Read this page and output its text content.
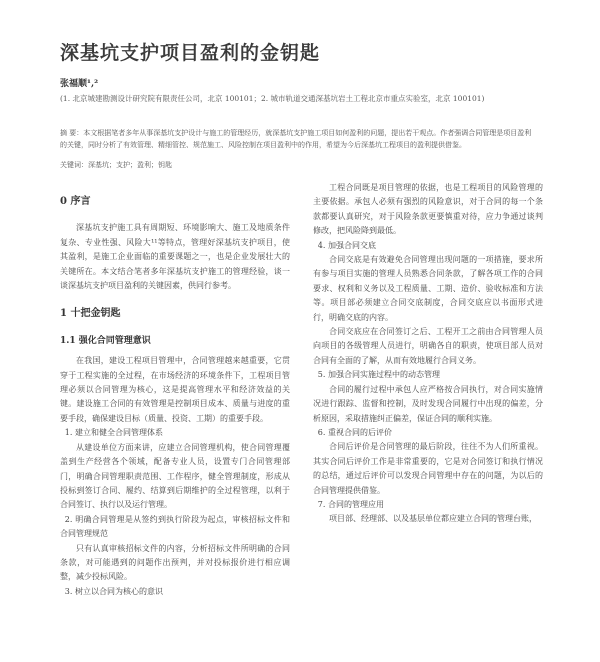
深基坑支护项目盈利的金钥匙
张福顺¹,²
(1. 北京城建勘测设计研究院有限责任公司，北京 100101；2. 城市轨道交通深基坑岩土工程北京市重点实验室，北京 100101)
摘 要：本文根据笔者多年从事深基坑支护设计与施工的管理经历，就深基坑支护施工项目如何盈利的问题，提出若干观点。作者强调合同管理是项目盈利的关键，同时分析了有效管理、精细管控、规范施工、风险控制在项目盈利中的作用，希望为今后深基坑工程项目的盈利提供借鉴。
关键词：深基坑；支护；盈利；钥匙
0 序言

深基坑支护施工具有周期短、环境影响大、施工及地质条件复杂、专业性强、风险大¹¹等特点，管理好深基坑支护项目，使其盈利，是施工企业面临的重要课题之一，也是企业发展壮大的关键所在。本文结合笔者多年深基坑支护施工的管理经验，谈一谈深基坑支护项目盈利的关键因素，供同行参考。

1 十把金钥匙
1.1 强化合同管理意识

在我国，建设工程项目管理中，合同管理越来越重要，它贯穿于工程实施的全过程，在市场经济的环境条件下，工程项目管理必须以合同管理为核心，这是提高管理水平和经济效益的关键。建设施工合同的有效管理是控制项目成本、质量与进度的重要手段，确保建设目标（质量、投资、工期）的重要手段。

1. 建立和健全合同管理体系

从建设单位方面来讲，应建立合同管理机构，使合同管理覆盖到生产经营各个领域，配备专业人员，设置专门合同管理部门，明确合同管理职责范围、工作程序，健全管理制度，形成从投标到签订合同、履约、结算到后期维护的全过程管理，以利于合同签订、执行以及运行管理。

2. 明确合同管理是从签约到执行阶段为起点，审核招标文件和合同管理规范

只有认真审核招标文件的内容，分析招标文件所明确的合同条款，对可能遇到的问题作出预判，并对投标报价进行相应调整，减少投标风险。

3. 树立以合同为核心的意识

工程合同既是项目管理的依据，也是工程项目的风险管理的主要依据。承包人必须有强烈的风险意识，对于合同的每一个条款都要认真研究，对于风险条款更要慎重对待，应力争通过谈判修改，把风险降到最低。

4. 加强合同交底

合同交底是有效避免合同管理出现问题的一项措施，要求所有参与项目实施的管理人员熟悉合同条款，了解各项工作的合同要求、权利和义务以及工程质量、工期、造价、验收标准和方法等。项目部必须建立合同交底制度，合同交底应以书面形式进行，明确交底的内容。

合同交底应在合同签订之后、工程开工之前由合同管理人员向项目的各级管理人员进行，明确各自的职责，使项目部人员对合同有全面的了解，从而有效地履行合同义务。

5. 加强合同实施过程中的动态管理

合同的履行过程中承包人应严格按合同执行，对合同实施情况进行跟踪、监督和控制，及时发现合同履行中出现的偏差，分析原因，采取措施纠正偏差，保证合同的顺利实施。

6. 重视合同的后评价

合同后评价是合同管理的最后阶段，往往不为人们所重视。其实合同后评价工作是非常重要的，它是对合同签订和执行情况的总结，通过后评价可以发现合同管理中存在的问题，为以后的合同管理提供借鉴。

7. 合同的管理应用

项目部、经理部、以及基层单位都应建立合同的管理台账，
